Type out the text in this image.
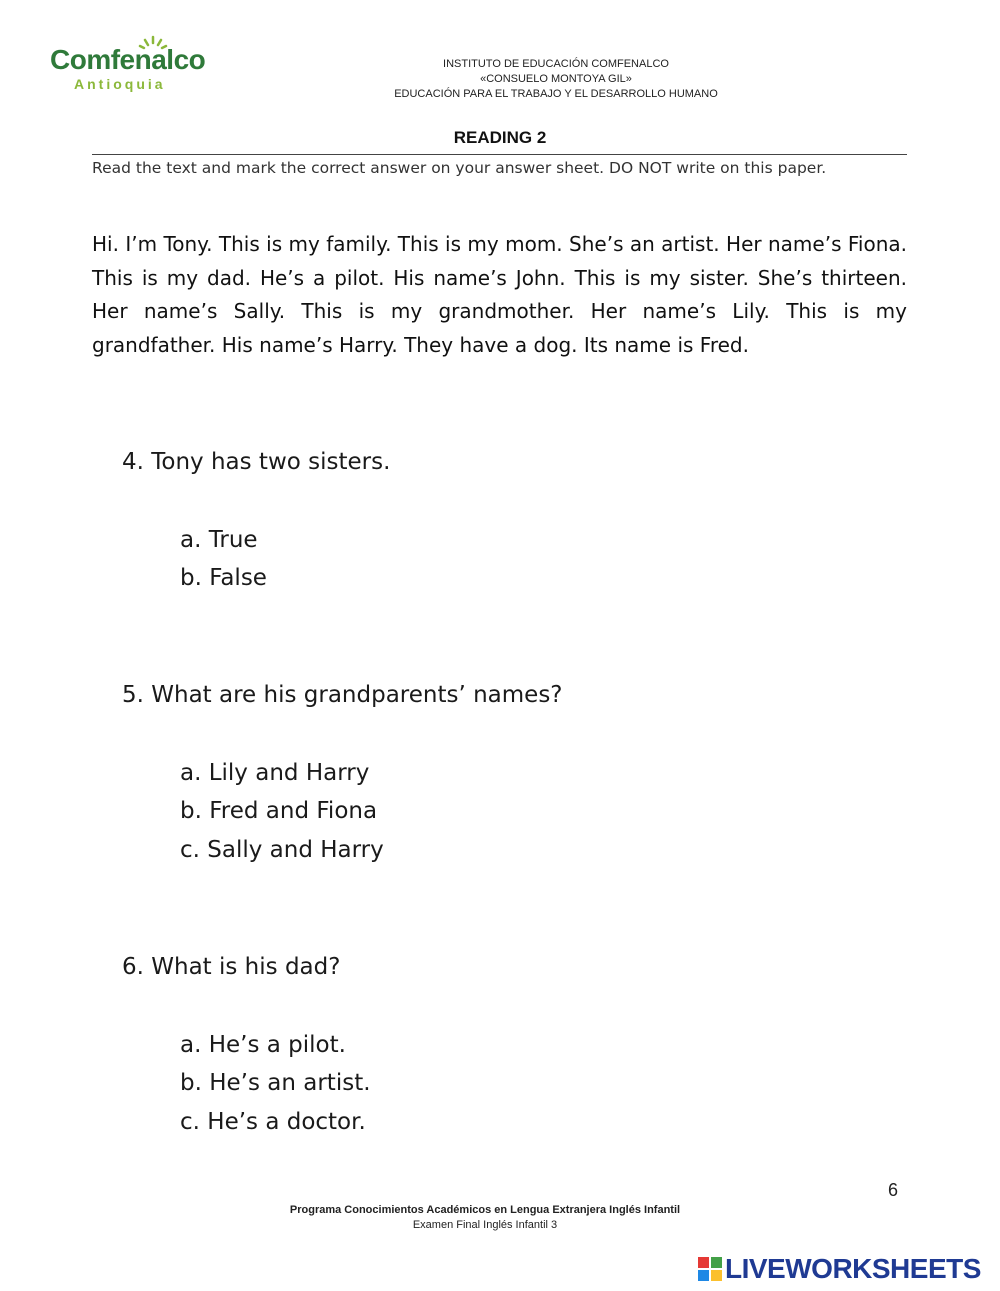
Comfenalco
Antioquia
INSTITUTO DE EDUCACIÓN COMFENALCO
«CONSUELO MONTOYA GIL»
EDUCACIÓN PARA EL TRABAJO Y EL DESARROLLO HUMANO
READING 2
Read the text and mark the correct answer on your answer sheet. DO NOT write on this paper.
Hi. I’m Tony. This is my family. This is my mom. She’s an artist. Her name’s Fiona. This is my dad. He’s a pilot. His name’s John. This is my sister. She’s thirteen. Her name’s Sally. This is my grandmother. Her name’s Lily. This is my grandfather. His name’s Harry. They have a dog. Its name is Fred.
4. Tony has two sisters.
a. True
b. False
5. What are his grandparents’ names?
a. Lily and Harry
b. Fred and Fiona
c. Sally and Harry
6. What is his dad?
a. He’s a pilot.
b. He’s an artist.
c. He’s a doctor.
6
Programa Conocimientos Académicos en Lengua Extranjera Inglés Infantil
Examen Final Inglés Infantil 3
LIVEWORKSHEETS
